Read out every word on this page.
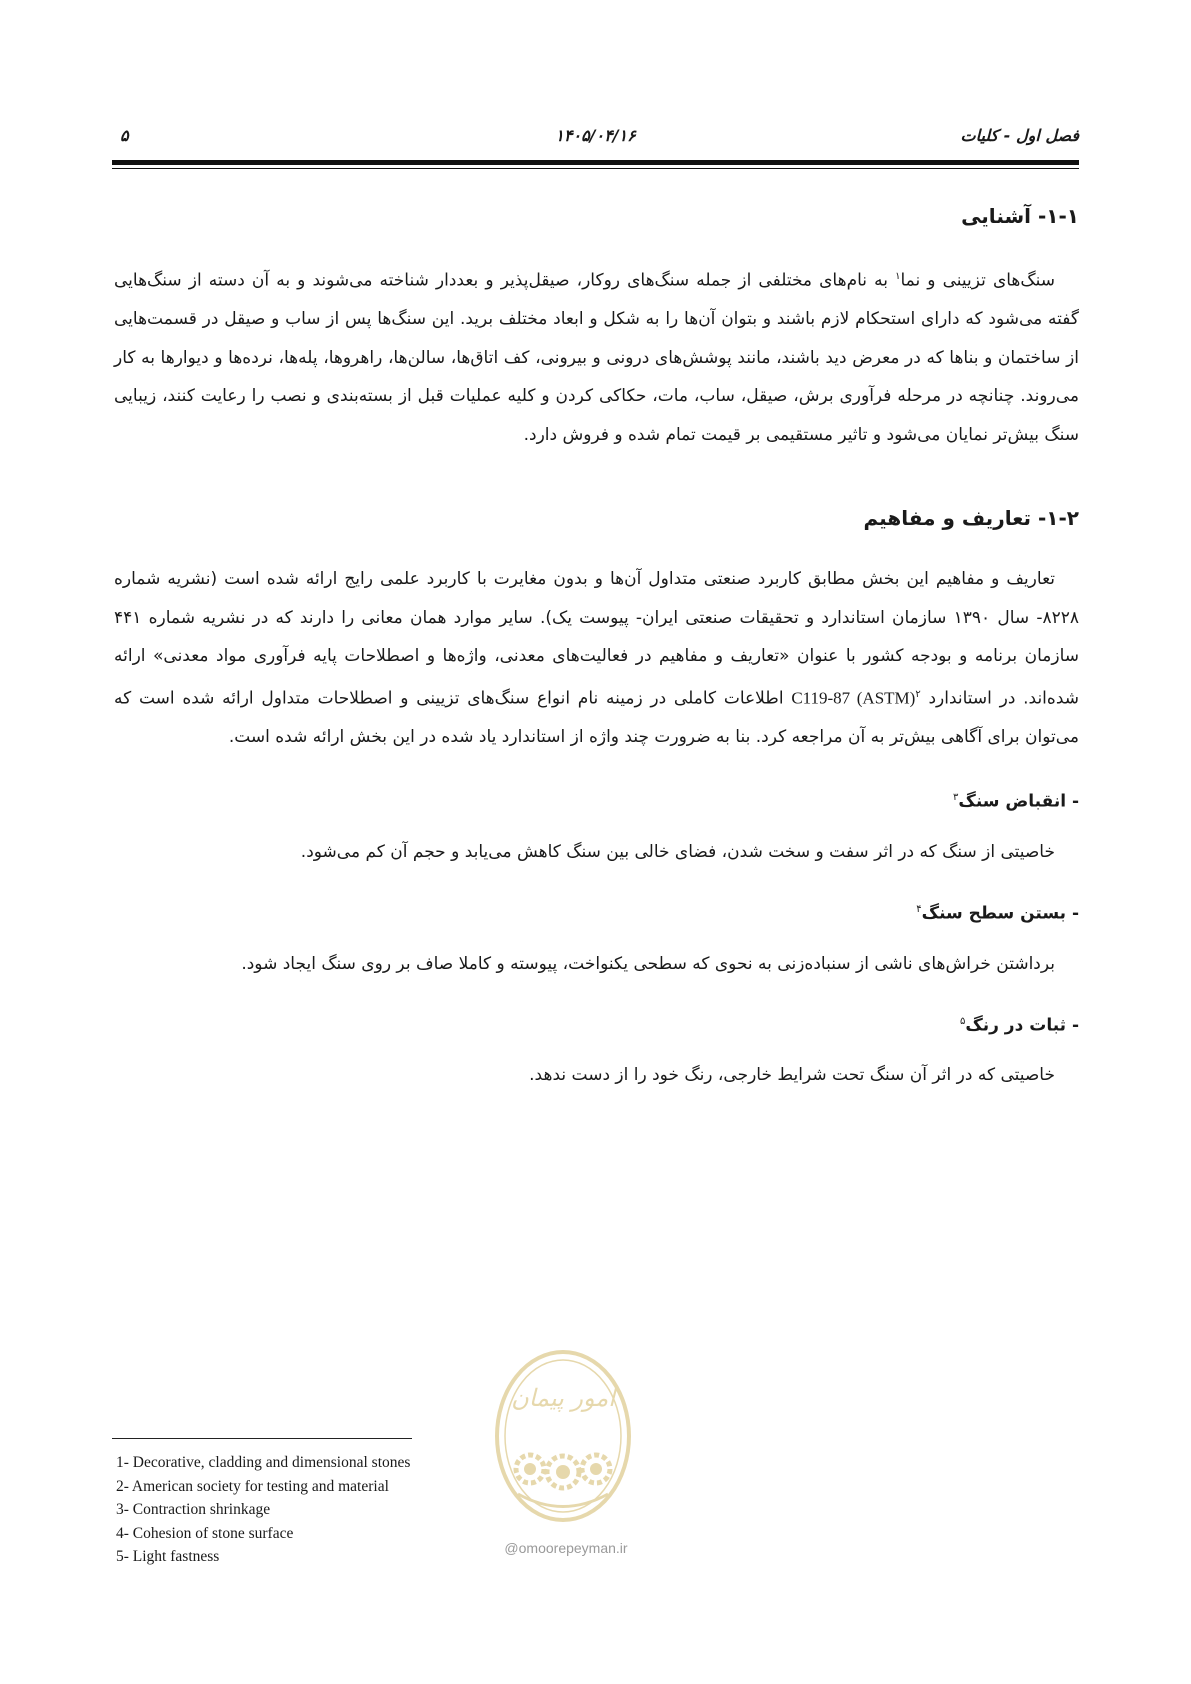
فصل اول - کلیات
۱۴۰۵/۰۴/۱۶
۵
۱-۱- آشنایی

سنگ‌های تزیینی و نما$^۱$ به نام‌های مختلفی از جمله سنگ‌های روکار، صیقل‌پذیر و بعددار شناخته می‌شوند و به آن دسته از سنگ‌هایی گفته می‌شود که دارای استحکام لازم باشند و بتوان آن‌ها را به شکل و ابعاد مختلف برید. این سنگ‌ها پس از ساب و صیقل در قسمت‌هایی از ساختمان و بناها که در معرض دید باشند، مانند پوشش‌های درونی و بیرونی، کف اتاق‌ها، سالن‌ها، راهروها، پله‌ها، نرده‌ها و دیوارها به کار می‌روند. چنانچه در مرحله فرآوری برش، صیقل، ساب، مات، حکاکی کردن و کلیه عملیات قبل از بسته‌بندی و نصب را رعایت کنند، زیبایی سنگ بیش‌تر نمایان می‌شود و تاثیر مستقیمی بر قیمت تمام شده و فروش دارد.

۱-۲- تعاریف و مفاهیم

تعاریف و مفاهیم این بخش مطابق کاربرد صنعتی متداول آن‌ها و بدون مغایرت با کاربرد علمی رایج ارائه شده است (نشریه شماره ۸۲۲۸- سال ۱۳۹۰ سازمان استاندارد و تحقیقات صنعتی ایران- پیوست یک). سایر موارد همان معانی را دارند که در نشریه شماره ۴۴۱ سازمان برنامه و بودجه کشور با عنوان «تعاریف و مفاهیم در فعالیت‌های معدنی، واژه‌ها و اصطلاحات پایه فرآوری مواد معدنی» ارائه شده‌اند. در استاندارد C119-87 (ASTM)$^۲$ اطلاعات کاملی در زمینه نام انواع سنگ‌های تزیینی و اصطلاحات متداول ارائه شده است که می‌توان برای آگاهی بیش‌تر به آن مراجعه کرد. بنا به ضرورت چند واژه از استاندارد یاد شده در این بخش ارائه شده است.

- انقباض سنگ$^۳$
خاصیتی از سنگ که در اثر سفت و سخت شدن، فضای خالی بین سنگ کاهش می‌یابد و حجم آن کم می‌شود.
- بستن سطح سنگ$^۴$
برداشتن خراش‌های ناشی از سنباده‌زنی به نحوی که سطحی یکنواخت، پیوسته و کاملا صاف بر روی سنگ ایجاد شود.
- ثبات در رنگ$^۵$
خاصیتی که در اثر آن سنگ تحت شرایط خارجی، رنگ خود را از دست ندهد.
1- Decorative, cladding and dimensional stones
2- American society for testing and material
3- Contraction shrinkage
4- Cohesion of stone surface
5- Light fastness
امور پیمان
@omoorepeyman.ir
